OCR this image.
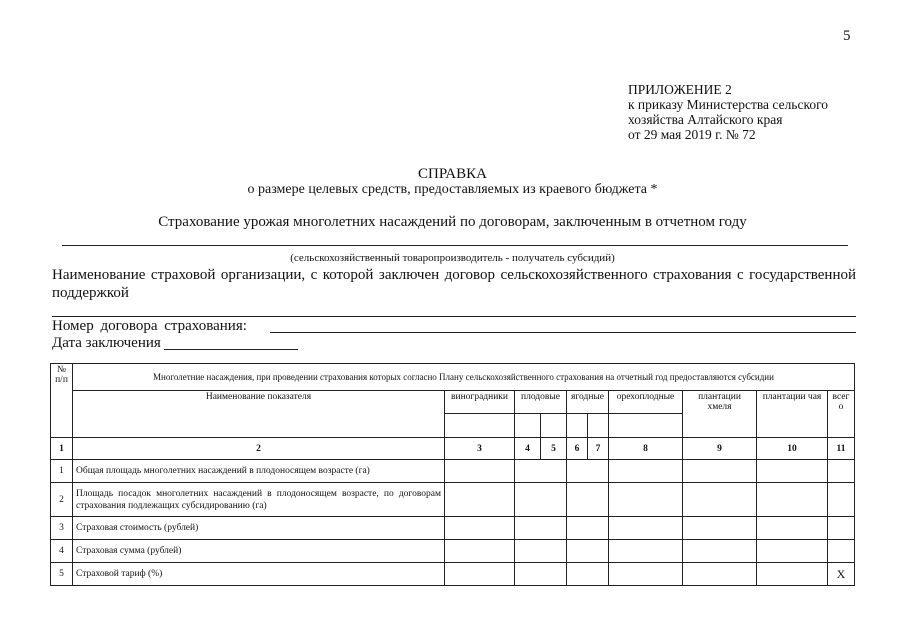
5
ПРИЛОЖЕНИЕ 2
к приказу Министерства сельского
хозяйства Алтайского края
от 29 мая 2019 г. № 72
СПРАВКА
о размере целевых средств, предоставляемых из краевого бюджета *
Страхование урожая многолетних насаждений по договорам, заключенным в отчетном году
(сельскохозяйственный товаропроизводитель - получатель субсидий)
Наименование страховой организации, с которой заключен договор сельскохозяйственного страхования с государственной поддержкой
Номер договора страхования:
Дата заключения
№ п/п	Многолетние насаждения, при проведении страхования которых согласно Плану сельскохозяйственного страхования на отчетный год предоставляются субсидии									
	Наименование показателя	виноградники	плодовые		ягодные		орехоплодные	плантации хмеля	плантации чая	всего

1	2	3	4	5	6	7	8	9	10	11
1	Общая площадь многолетних насаждений в плодоносящем возрасте (га)									
2	Площадь посадок многолетних насаждений в плодоносящем возрасте, по договорам страхования подлежащих субсидированию (га)									
3	Страховая стоимость (рублей)									
4	Страховая сумма (рублей)									
5	Страховой тариф (%)									Х
